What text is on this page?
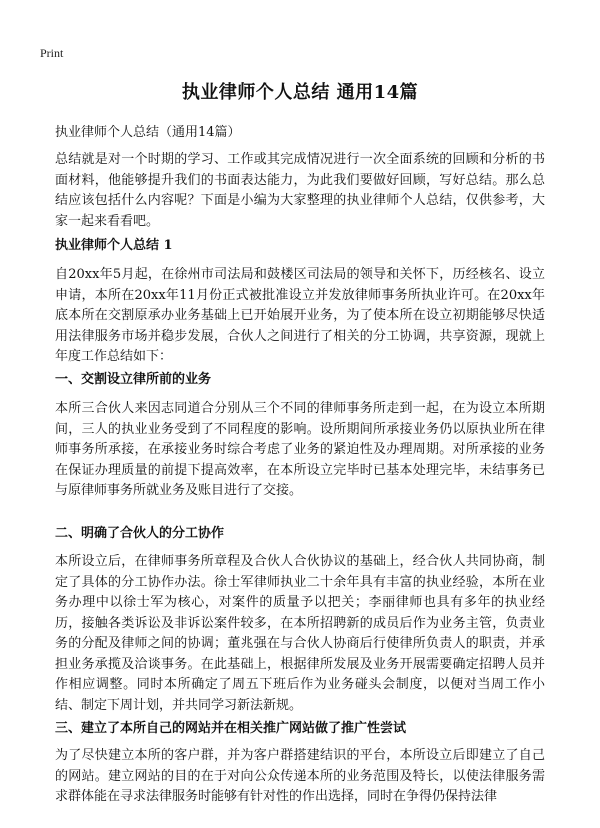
Print
执业律师个人总结 通用14篇
执业律师个人总结（通用14篇）

总结就是对一个时期的学习、工作或其完成情况进行一次全面系统的回顾和分析的书面材料，他能够提升我们的书面表达能力，为此我们要做好回顾，写好总结。那么总结应该包括什么内容呢？下面是小编为大家整理的执业律师个人总结，仅供参考，大家一起来看看吧。

执业律师个人总结 1

自20xx年5月起，在徐州市司法局和鼓楼区司法局的领导和关怀下，历经核名、设立申请，本所在20xx年11月份正式被批准设立并发放律师事务所执业许可。在20xx年底本所在交割原承办业务基础上已开始展开业务，为了使本所在设立初期能够尽快适用法律服务市场并稳步发展，合伙人之间进行了相关的分工协调，共享资源，现就上年度工作总结如下：

一、交割设立律所前的业务

本所三合伙人来因志同道合分别从三个不同的律师事务所走到一起，在为设立本所期间，三人的执业业务受到了不同程度的影响。设所期间所承接业务仍以原执业所在律师事务所承接，在承接业务时综合考虑了业务的紧迫性及办理周期。对所承接的业务在保证办理质量的前提下提高效率，在本所设立完毕时已基本处理完毕，未结事务已与原律师事务所就业务及账目进行了交接。

二、明确了合伙人的分工协作

本所设立后，在律师事务所章程及合伙人合伙协议的基础上，经合伙人共同协商，制定了具体的分工协作办法。徐士军律师执业二十余年具有丰富的执业经验，本所在业务办理中以徐士军为核心，对案件的质量予以把关；李丽律师也具有多年的执业经历，接触各类诉讼及非诉讼案件较多，在本所招聘新的成员后作为业务主管，负责业务的分配及律师之间的协调；董兆强在与合伙人协商后行使律所负责人的职责，并承担业务承揽及洽谈事务。在此基础上，根据律所发展及业务开展需要确定招聘人员并作相应调整。同时本所确定了周五下班后作为业务碰头会制度，以便对当周工作小结、制定下周计划，并共同学习新法新规。

三、建立了本所自己的网站并在相关推广网站做了推广性尝试

为了尽快建立本所的客户群，并为客户群搭建结识的平台，本所设立后即建立了自己的网站。建立网站的目的在于对向公众传递本所的业务范围及特长，以使法律服务需求群体能在寻求法律服务时能够有针对性的作出选择，同时在争得仍保持法律
